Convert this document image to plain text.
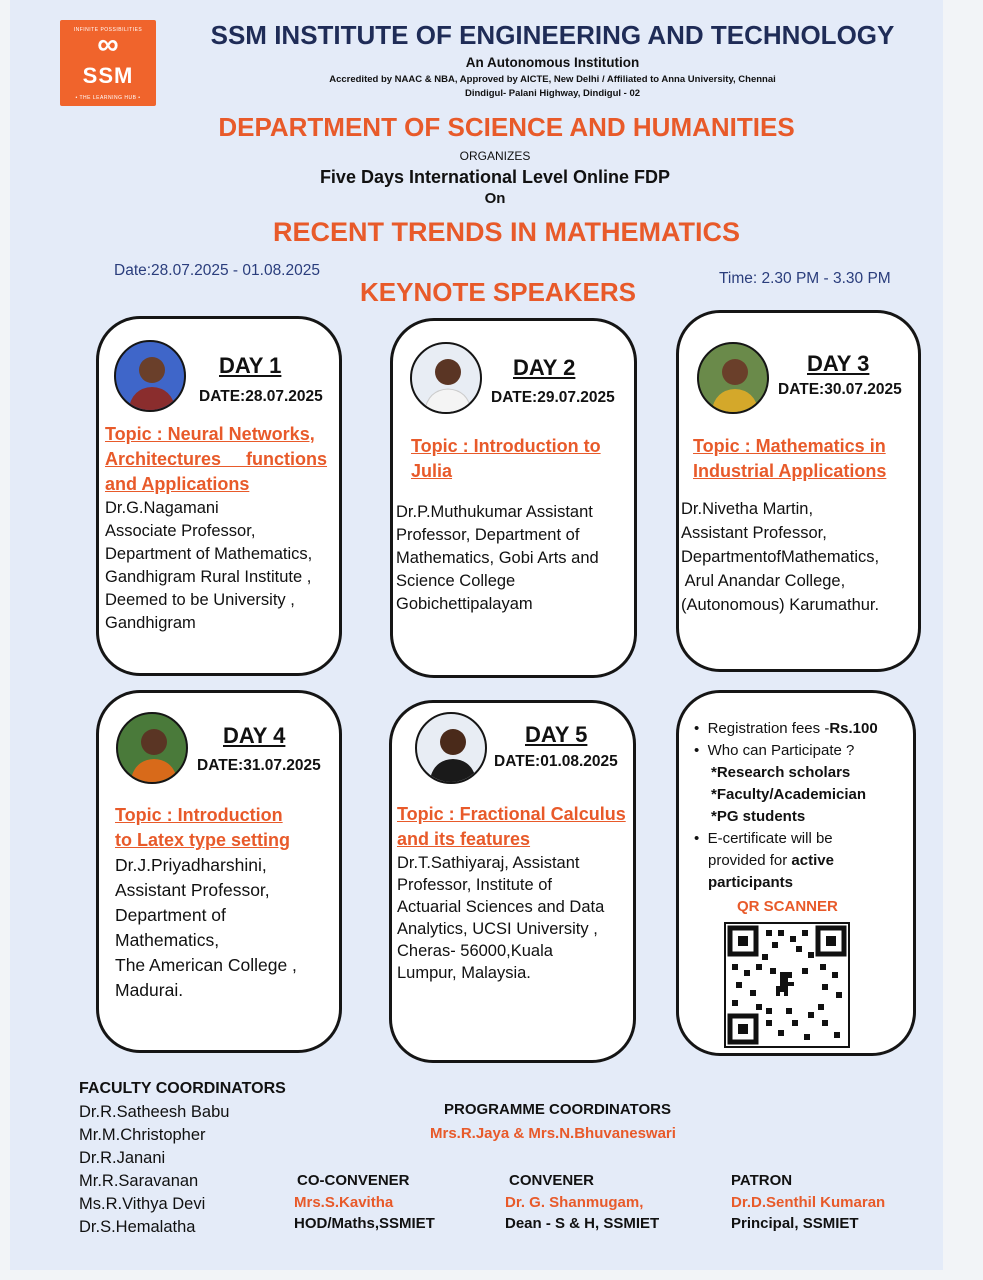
INFINITE POSSIBILITIES
∞
SSM
• THE LEARNING HUB •
SSM INSTITUTE OF ENGINEERING AND TECHNOLOGY
An Autonomous Institution
Accredited by NAAC & NBA, Approved by AICTE, New Delhi / Affiliated to Anna University, Chennai
Dindigul- Palani Highway, Dindigul - 02
DEPARTMENT OF SCIENCE AND HUMANITIES
ORGANIZES
Five Days International Level Online FDP
On
RECENT TRENDS IN MATHEMATICS
Date:28.07.2025 - 01.08.2025	Time: 2.30 PM - 3.30 PM
KEYNOTE SPEAKERS
DAY 1
DATE:28.07.2025
Topic : Neural Networks,
Architectures     functions
and Applications
Dr.G.Nagamani
Associate Professor,
Department of Mathematics,
Gandhigram Rural Institute ,
Deemed to be University ,
Gandhigram
DAY 2
DATE:29.07.2025
Topic : Introduction to
Julia
Dr.P.Muthukumar Assistant
Professor, Department of
Mathematics, Gobi Arts and
Science College
Gobichettipalayam
DAY 3
DATE:30.07.2025
Topic : Mathematics in
Industrial Applications
Dr.Nivetha Martin,
Assistant Professor,
DepartmentofMathematics,
Arul Anandar College,
(Autonomous) Karumathur.
DAY 4
DATE:31.07.2025
Topic : Introduction
to Latex type setting
Dr.J.Priyadharshini,
Assistant Professor,
Department of
Mathematics,
The American College ,
Madurai.
DAY 5
DATE:01.08.2025
Topic : Fractional Calculus
and its features
Dr.T.Sathiyaraj, Assistant
Professor, Institute of
Actuarial Sciences and Data
Analytics, UCSI University ,
Cheras- 56000,Kuala
Lumpur, Malaysia.
•  Registration fees -Rs.100
•  Who can Participate ?
*Research scholars
*Faculty/Academician
*PG students
•  E-certificate will be
provided for active
participants
QR SCANNER
FACULTY COORDINATORS
Dr.R.Satheesh Babu
Mr.M.Christopher
Dr.R.Janani
Mr.R.Saravanan
Ms.R.Vithya Devi
Dr.S.Hemalatha
PROGRAMME COORDINATORS
Mrs.R.Jaya & Mrs.N.Bhuvaneswari
CO-CONVENER
Mrs.S.Kavitha
HOD/Maths,SSMIET
CONVENER
Dr. G. Shanmugam,
Dean - S & H, SSMIET
PATRON
Dr.D.Senthil Kumaran
Principal, SSMIET
